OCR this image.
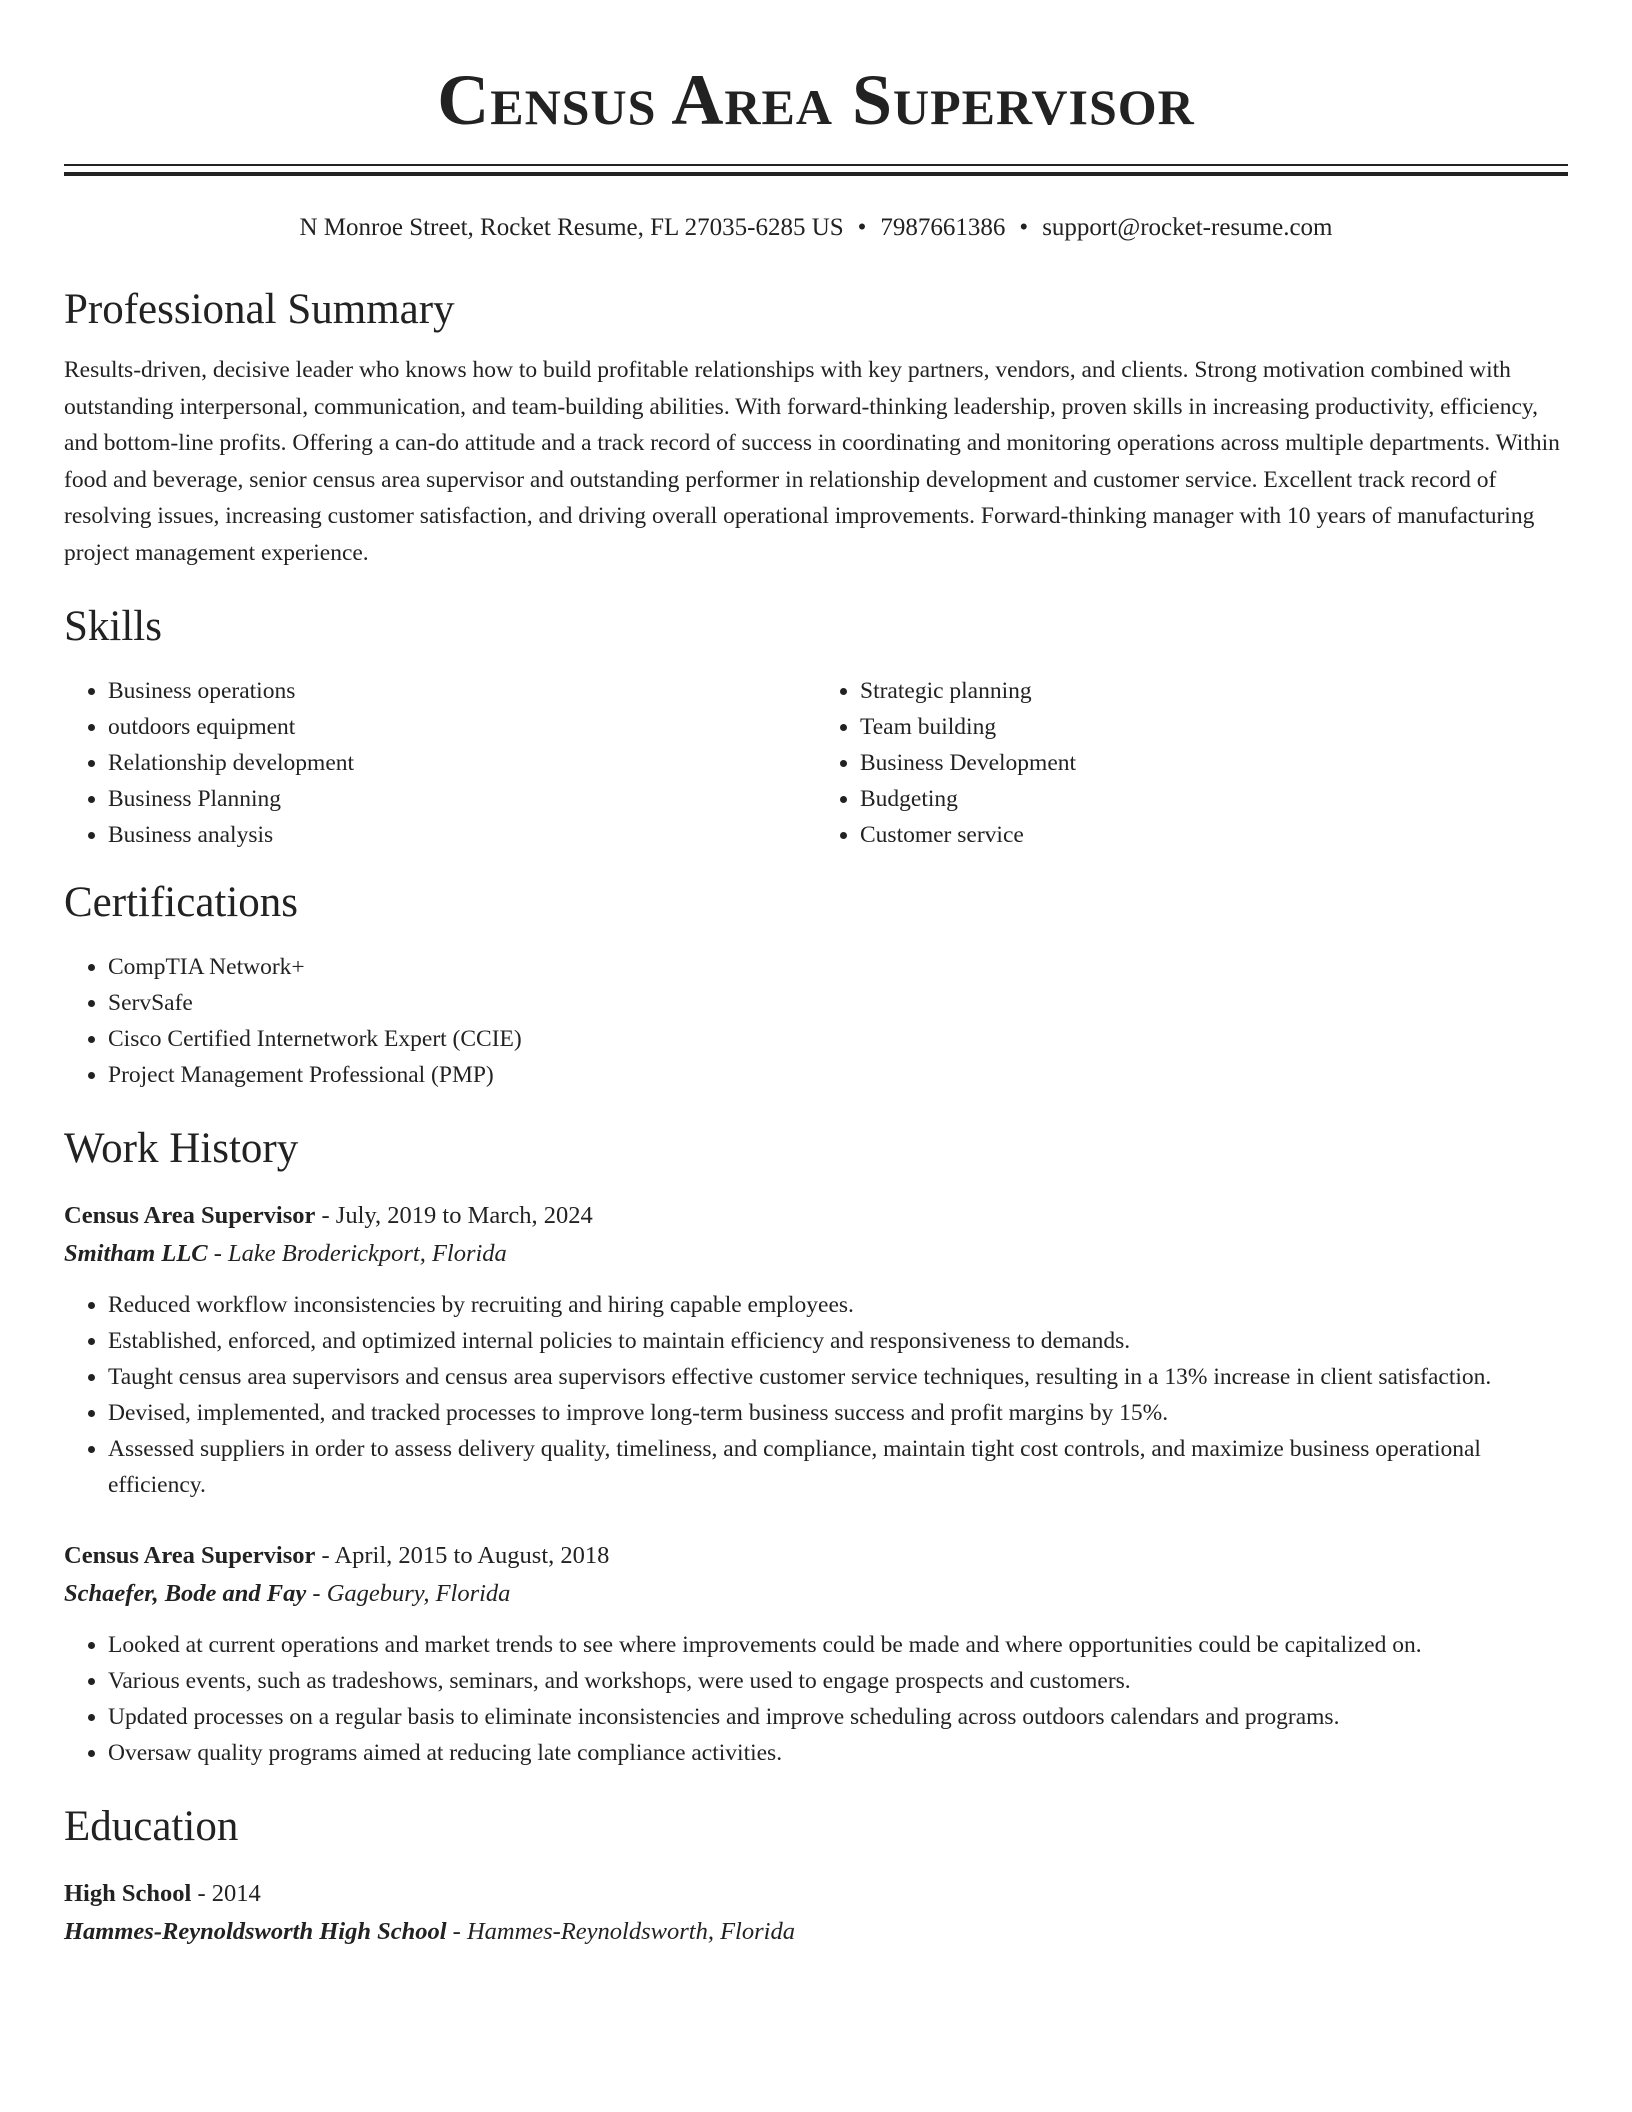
Census Area Supervisor
N Monroe Street, Rocket Resume, FL 27035-6285 US • 7987661386 • support@rocket-resume.com
Professional Summary

Results-driven, decisive leader who knows how to build profitable relationships with key partners, vendors, and clients. Strong motivation combined with outstanding interpersonal, communication, and team-building abilities. With forward-thinking leadership, proven skills in increasing productivity, efficiency, and bottom-line profits. Offering a can-do attitude and a track record of success in coordinating and monitoring operations across multiple departments. Within food and beverage, senior census area supervisor and outstanding performer in relationship development and customer service. Excellent track record of resolving issues, increasing customer satisfaction, and driving overall operational improvements. Forward-thinking manager with 10 years of manufacturing project management experience.

Skills
• Business operations
• outdoors equipment
• Relationship development
• Business Planning
• Business analysis
• Strategic planning
• Team building
• Business Development
• Budgeting
• Customer service
Certifications
• CompTIA Network+
• ServSafe
• Cisco Certified Internetwork Expert (CCIE)
• Project Management Professional (PMP)
Work History
Census Area Supervisor - July, 2019 to March, 2024
Smitham LLC - Lake Broderickport, Florida
• Reduced workflow inconsistencies by recruiting and hiring capable employees.
• Established, enforced, and optimized internal policies to maintain efficiency and responsiveness to demands.
• Taught census area supervisors and census area supervisors effective customer service techniques, resulting in a 13% increase in client satisfaction.
• Devised, implemented, and tracked processes to improve long-term business success and profit margins by 15%.
• Assessed suppliers in order to assess delivery quality, timeliness, and compliance, maintain tight cost controls, and maximize business operational efficiency.
Census Area Supervisor - April, 2015 to August, 2018
Schaefer, Bode and Fay - Gagebury, Florida
• Looked at current operations and market trends to see where improvements could be made and where opportunities could be capitalized on.
• Various events, such as tradeshows, seminars, and workshops, were used to engage prospects and customers.
• Updated processes on a regular basis to eliminate inconsistencies and improve scheduling across outdoors calendars and programs.
• Oversaw quality programs aimed at reducing late compliance activities.
Education
High School - 2014
Hammes-Reynoldsworth High School - Hammes-Reynoldsworth, Florida
